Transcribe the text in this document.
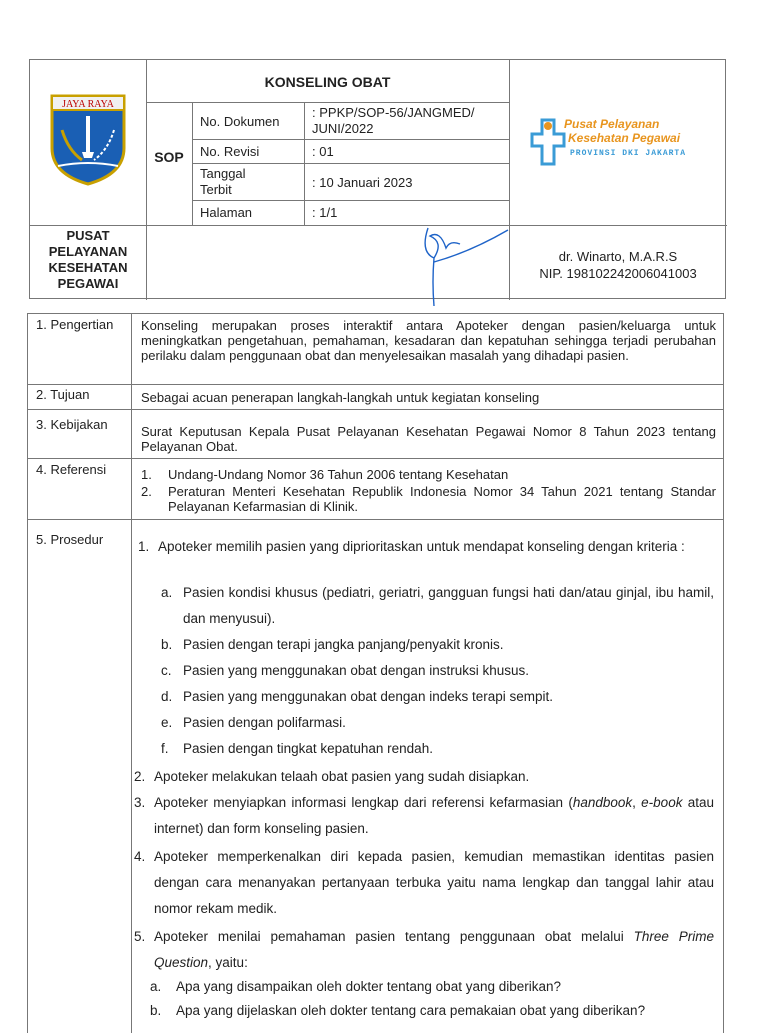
JAYA RAYA
KONSELING OBAT
SOP
No. Dokumen
: PPKP/SOP-56/JANGMED/ JUNI/2022
No. Revisi	: 01
Tanggal Terbit	: 10 Januari 2023
Halaman	: 1/1
Pusat Pelayanan
Kesehatan Pegawai
PROVINSI DKI JAKARTA
PUSAT PELAYANAN KESEHATAN PEGAWAI
dr. Winarto, M.A.R.S
NIP. 198102242006041003
1. Pengertian	Konseling merupakan proses interaktif antara Apoteker dengan pasien/keluarga untuk meningkatkan pengetahuan, pemahaman, kesadaran dan kepatuhan sehingga terjadi perubahan perilaku dalam penggunaan obat dan menyelesaikan masalah yang dihadapi pasien.
2. Tujuan	Sebagai acuan penerapan langkah-langkah untuk kegiatan konseling
3. Kebijakan	Surat Keputusan Kepala Pusat Pelayanan Kesehatan Pegawai Nomor 8 Tahun 2023 tentang Pelayanan Obat.
4. Referensi	1.	Undang-Undang Nomor 36 Tahun 2006 tentang Kesehatan
2.	Peraturan Menteri Kesehatan Republik Indonesia Nomor 34 Tahun 2021 tentang Standar Pelayanan Kefarmasian di Klinik.
5. Prosedur	1. Apoteker memilih pasien yang diprioritaskan untuk mendapat konseling dengan kriteria :
a. Pasien kondisi khusus (pediatri, geriatri, gangguan fungsi hati dan/atau ginjal, ibu hamil, dan menyusui).
b. Pasien dengan terapi jangka panjang/penyakit kronis.
c. Pasien yang menggunakan obat dengan instruksi khusus.
d. Pasien yang menggunakan obat dengan indeks terapi sempit.
e. Pasien dengan polifarmasi.
f. Pasien dengan tingkat kepatuhan rendah.
2. Apoteker melakukan telaah obat pasien yang sudah disiapkan.
3. Apoteker menyiapkan informasi lengkap dari referensi kefarmasian (handbook, e-book atau internet) dan form konseling pasien.
4. Apoteker memperkenalkan diri kepada pasien, kemudian memastikan identitas pasien dengan cara menanyakan pertanyaan terbuka yaitu nama lengkap dan tanggal lahir atau nomor rekam medik.
5. Apoteker menilai pemahaman pasien tentang penggunaan obat melalui Three Prime Question, yaitu:
a. Apa yang disampaikan oleh dokter tentang obat yang diberikan?
b. Apa yang dijelaskan oleh dokter tentang cara pemakaian obat yang diberikan?
